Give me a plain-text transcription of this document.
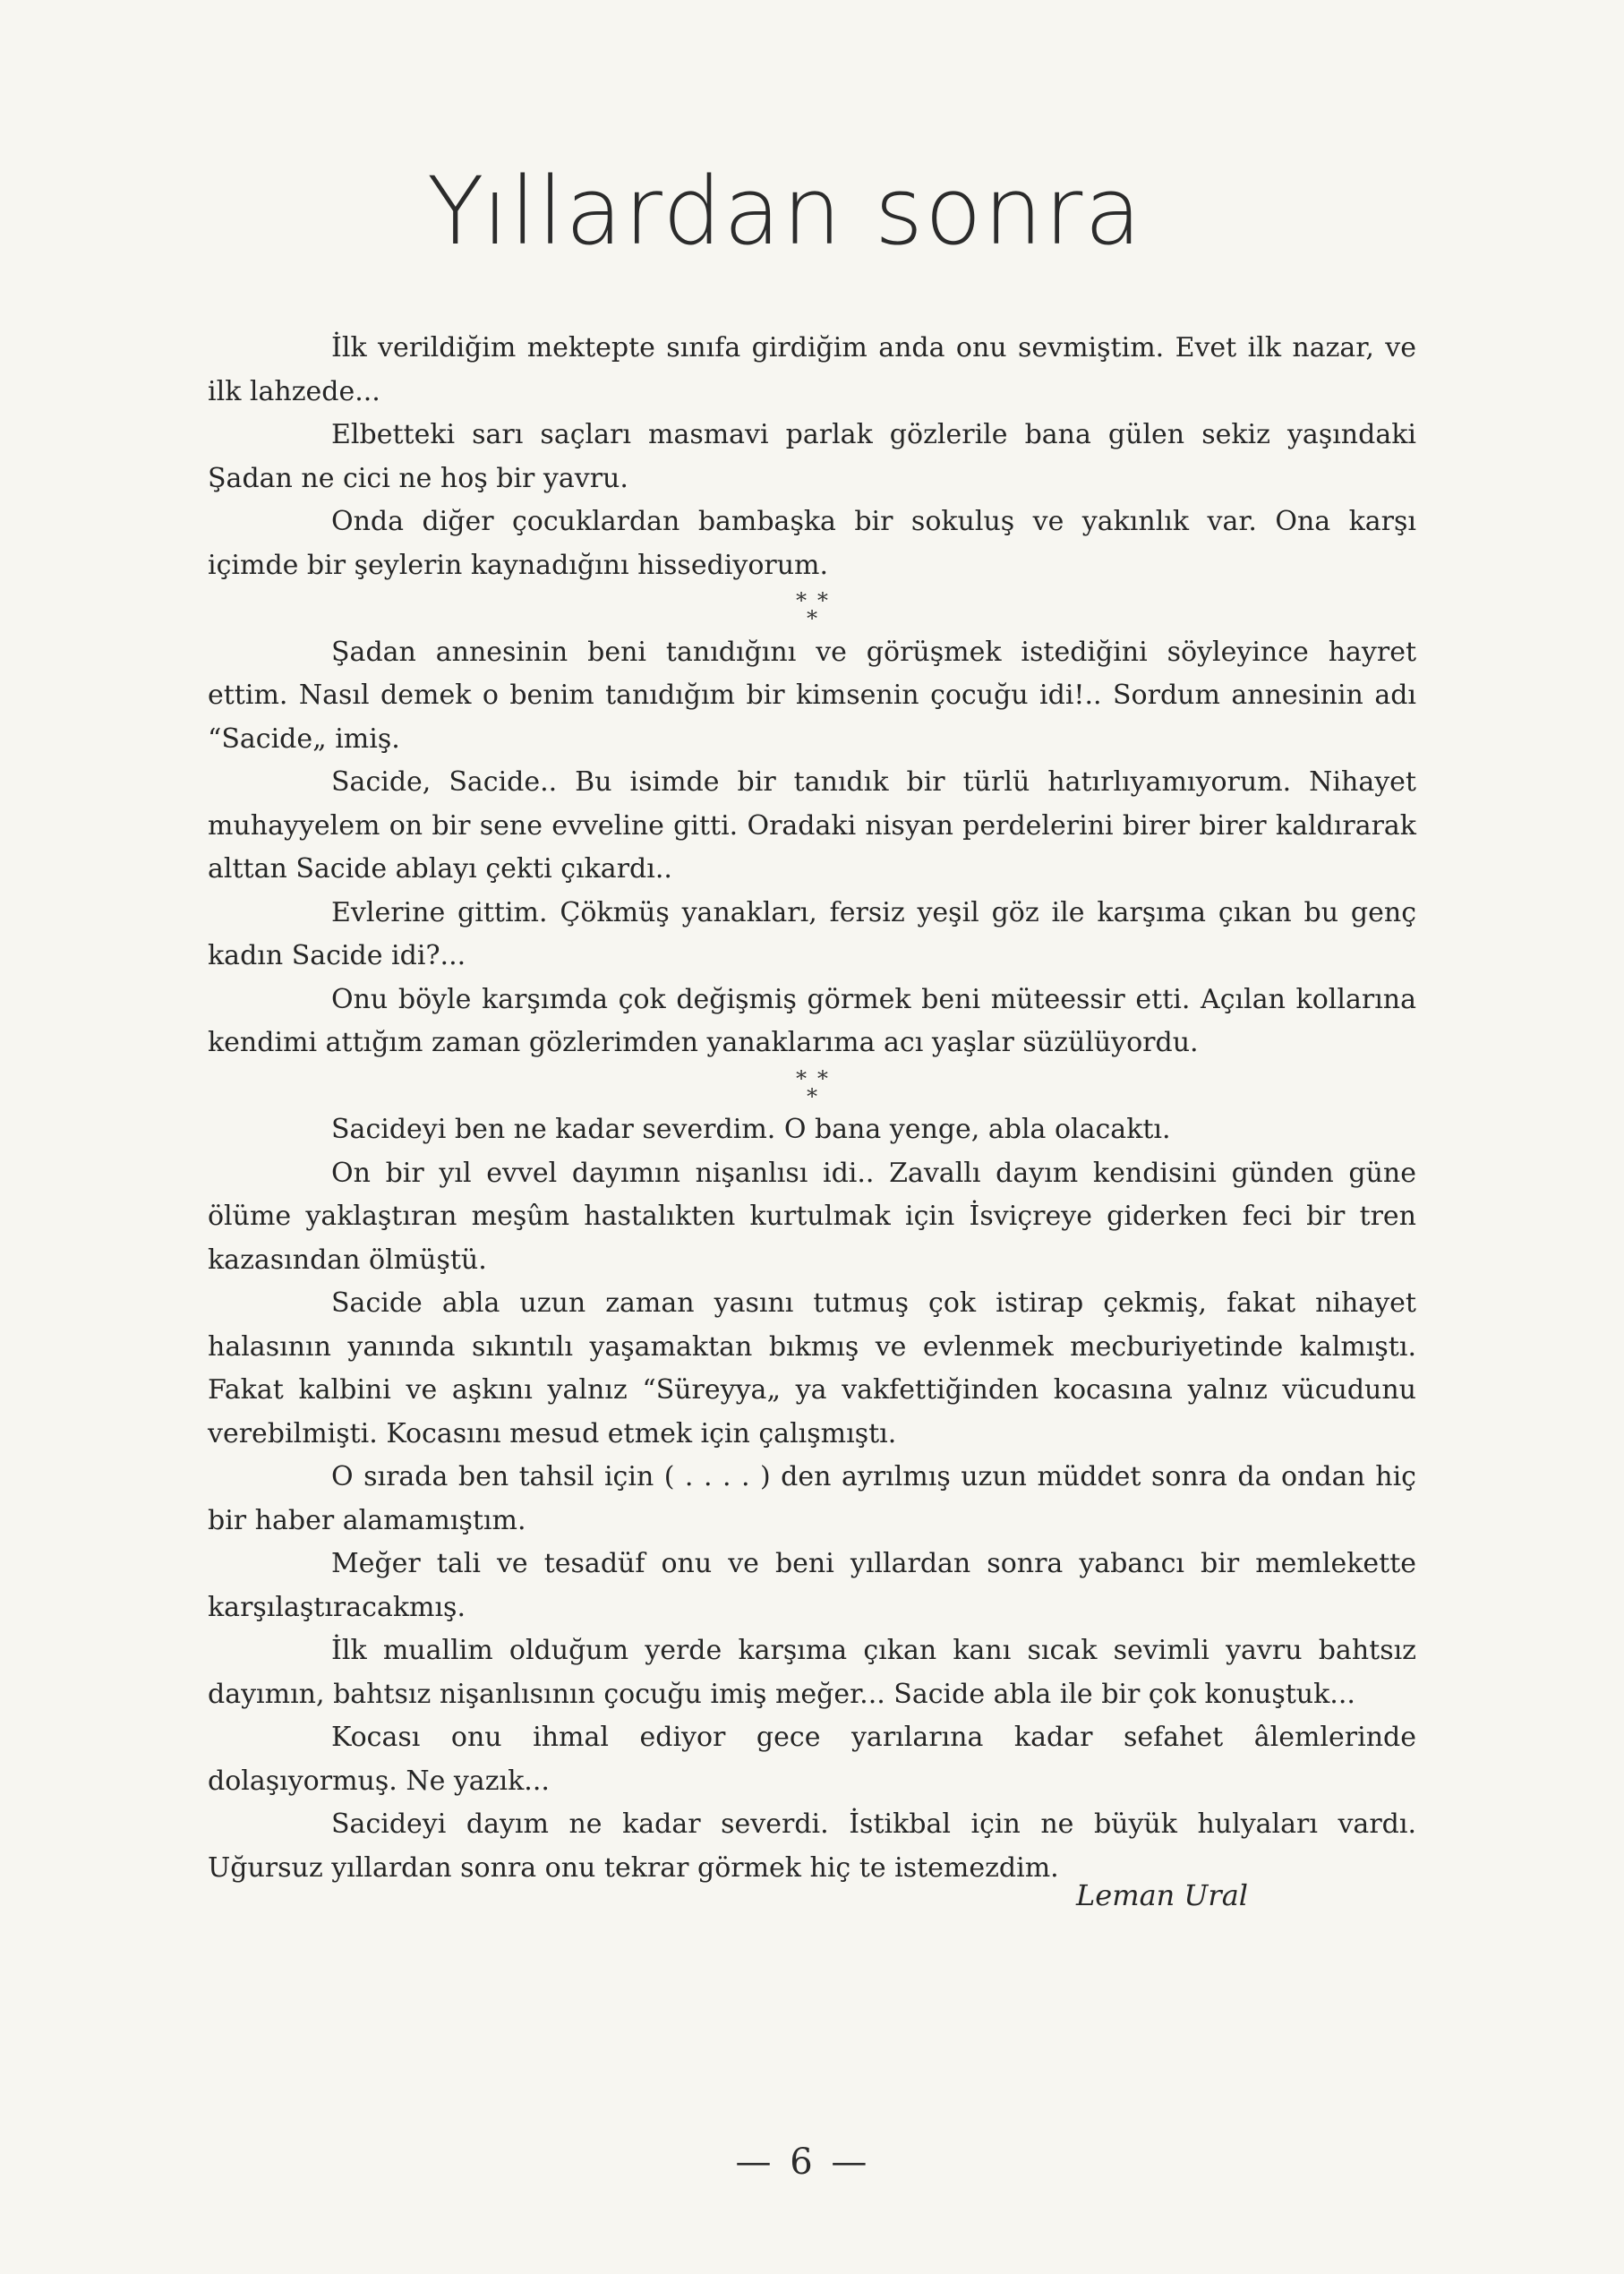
Yıllardan sonra

İlk verildiğim mektepte sınıfa girdiğim anda onu sevmiştim. Evet ilk nazar, ve ilk lahzede...

Elbetteki sarı saçları masmavi parlak gözlerile bana gülen sekiz yaşındaki Şadan ne cici ne hoş bir yavru.

Onda diğer çocuklardan bambaşka bir sokuluş ve yakınlık var. Ona karşı içimde bir şeylerin kaynadığını hissediyorum.

∗ ∗
∗

Şadan annesinin beni tanıdığını ve görüşmek istediğini söyleyince hayret ettim. Nasıl demek o benim tanıdığım bir kimsenin çocuğu idi!.. Sordum annesinin adı “Sacide„ imiş.

Sacide, Sacide.. Bu isimde bir tanıdık bir türlü hatırlıyamıyorum. Nihayet muhayyelem on bir sene evveline gitti. Oradaki nisyan perdelerini birer birer kaldırarak alttan Sacide ablayı çekti çıkardı..

Evlerine gittim. Çökmüş yanakları, fersiz yeşil göz ile karşıma çıkan bu genç kadın Sacide idi?...

Onu böyle karşımda çok değişmiş görmek beni müteessir etti. Açılan kollarına kendimi attığım zaman gözlerimden yanaklarıma acı yaşlar süzülüyordu.

∗ ∗
∗

Sacideyi ben ne kadar severdim. O bana yenge, abla olacaktı.

On bir yıl evvel dayımın nişanlısı idi.. Zavallı dayım kendisini günden güne ölüme yaklaştıran meşûm hastalıkten kurtulmak için İsviçreye giderken feci bir tren kazasından ölmüştü.

Sacide abla uzun zaman yasını tutmuş çok istirap çekmiş, fakat nihayet halasının yanında sıkıntılı yaşamaktan bıkmış ve evlenmek mecburiyetinde kalmıştı. Fakat kalbini ve aşkını yalnız “Süreyya„ ya vakfettiğinden kocasına yalnız vücudunu verebilmişti. Kocasını mesud etmek için çalışmıştı.

O sırada ben tahsil için ( . . . . ) den ayrılmış uzun müddet sonra da ondan hiç bir haber alamamıştım.

Meğer tali ve tesadüf onu ve beni yıllardan sonra yabancı bir memlekette karşılaştıracakmış.

İlk muallim olduğum yerde karşıma çıkan kanı sıcak sevimli yavru bahtsız dayımın, bahtsız nişanlısının çocuğu imiş meğer... Sacide abla ile bir çok konuştuk...

Kocası onu ihmal ediyor gece yarılarına kadar sefahet âlemlerinde dolaşıyormuş. Ne yazık...

Sacideyi dayım ne kadar severdi. İstikbal için ne büyük hulyaları vardı. Uğursuz yıllardan sonra onu tekrar görmek hiç te istemezdim.

Leman Ural
— 6 —
